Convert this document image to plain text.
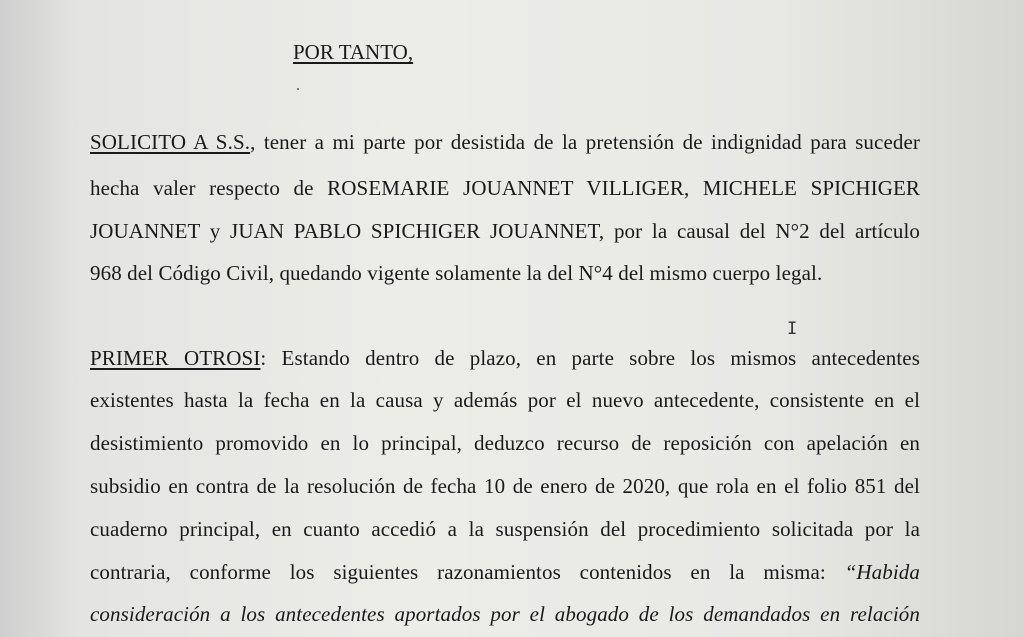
POR TANTO,
SOLICITO A S.S., tener a mi parte por desistida de la pretensión de indignidad para suceder
hecha valer respecto de ROSEMARIE JOUANNET VILLIGER, MICHELE SPICHIGER
JOUANNET y JUAN PABLO SPICHIGER JOUANNET, por la causal del N°2 del artículo
968 del Código Civil, quedando vigente solamente la del N°4 del mismo cuerpo legal.
I
PRIMER OTROSI: Estando dentro de plazo, en parte sobre los mismos antecedentes
existentes hasta la fecha en la causa y además por el nuevo antecedente, consistente en el
desistimiento promovido en lo principal, deduzco recurso de reposición con apelación en
subsidio en contra de la resolución de fecha 10 de enero de 2020, que rola en el folio 851 del
cuaderno principal, en cuanto accedió a la suspensión del procedimiento solicitada por la
contraria, conforme los siguientes razonamientos contenidos en la misma: “Habida
consideración a los antecedentes aportados por el abogado de los demandados en relación
